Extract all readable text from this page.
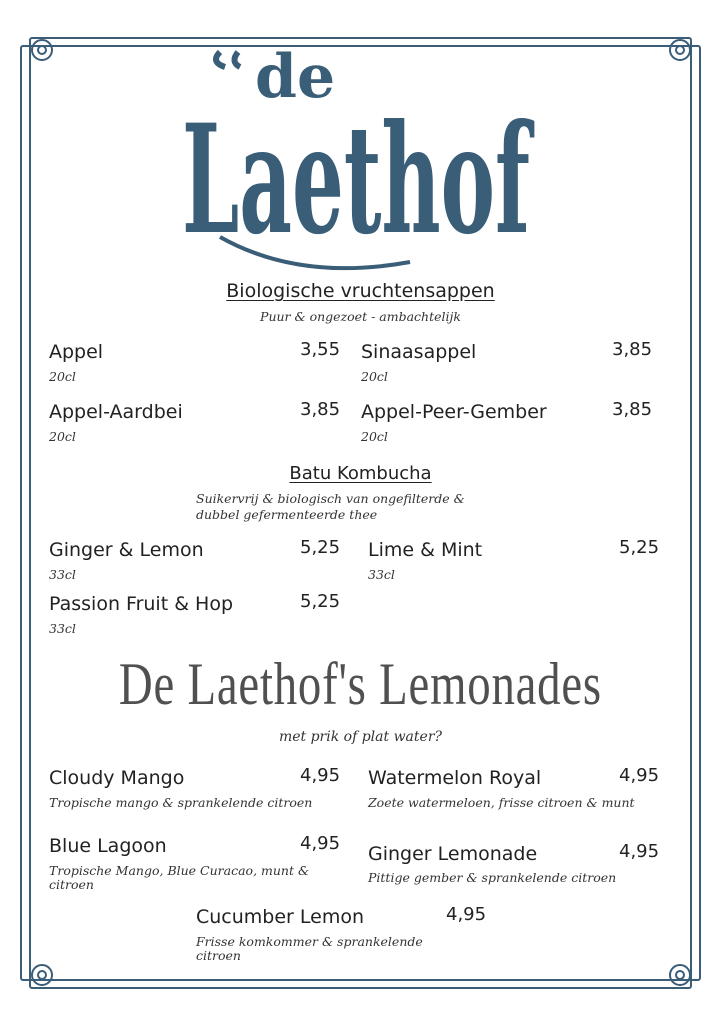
de
Laethof
Biologische vruchtensappen
Puur & ongezoet - ambachtelijk
Appel	3,55
20cl
Sinaasappel	3,85
20cl
Appel-Aardbei	3,85
20cl
Appel-Peer-Gember	3,85
20cl
Batu Kombucha
Suikervrij & biologisch van ongefilterde &
dubbel gefermenteerde thee
Ginger & Lemon	5,25
33cl
Lime & Mint	5,25
33cl
Passion Fruit & Hop	5,25
33cl
De Laethof's Lemonades
met prik of plat water?
Cloudy Mango	4,95
Tropische mango & sprankelende citroen
Watermelon Royal	4,95
Zoete watermeloen, frisse citroen & munt
Blue Lagoon	4,95
Tropische Mango, Blue Curacao, munt & citroen
Ginger Lemonade	4,95
Pittige gember & sprankelende citroen
Cucumber Lemon	4,95
Frisse komkommer & sprankelende citroen
